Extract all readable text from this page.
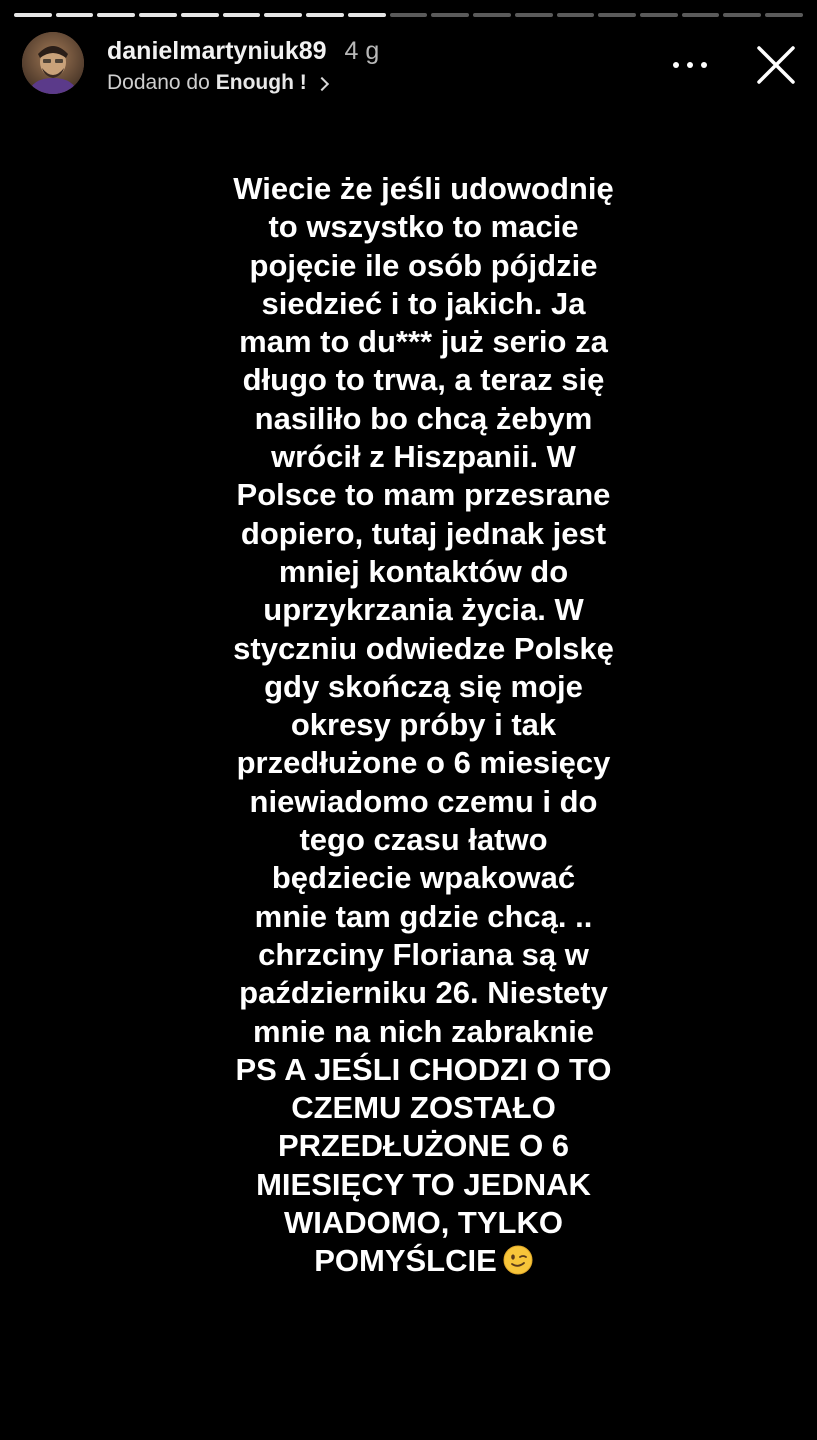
danielmartyniuk89 4 g
Dodano do Enough !
Wiecie że jeśli udowodnię
to wszystko to macie
pojęcie ile osób pójdzie
siedzieć i to jakich. Ja
mam to du*** już serio za
długo to trwa, a teraz się
nasiliło bo chcą żebym
wrócił z Hiszpanii. W
Polsce to mam przesrane
dopiero, tutaj jednak jest
mniej kontaktów do
uprzykrzania życia. W
styczniu odwiedze Polskę
gdy skończą się moje
okresy próby i tak
przedłużone o 6 miesięcy
niewiadomo czemu i do
tego czasu łatwo
będziecie wpakować
mnie tam gdzie chcą. ..
chrzciny Floriana są w
październiku 26. Niestety
mnie na nich zabraknie
PS A JEŚLI CHODZI O TO
CZEMU ZOSTAŁO
PRZEDŁUŻONE O 6
MIESIĘCY TO JEDNAK
WIADOMO, TYLKO
POMYŚLCIE
